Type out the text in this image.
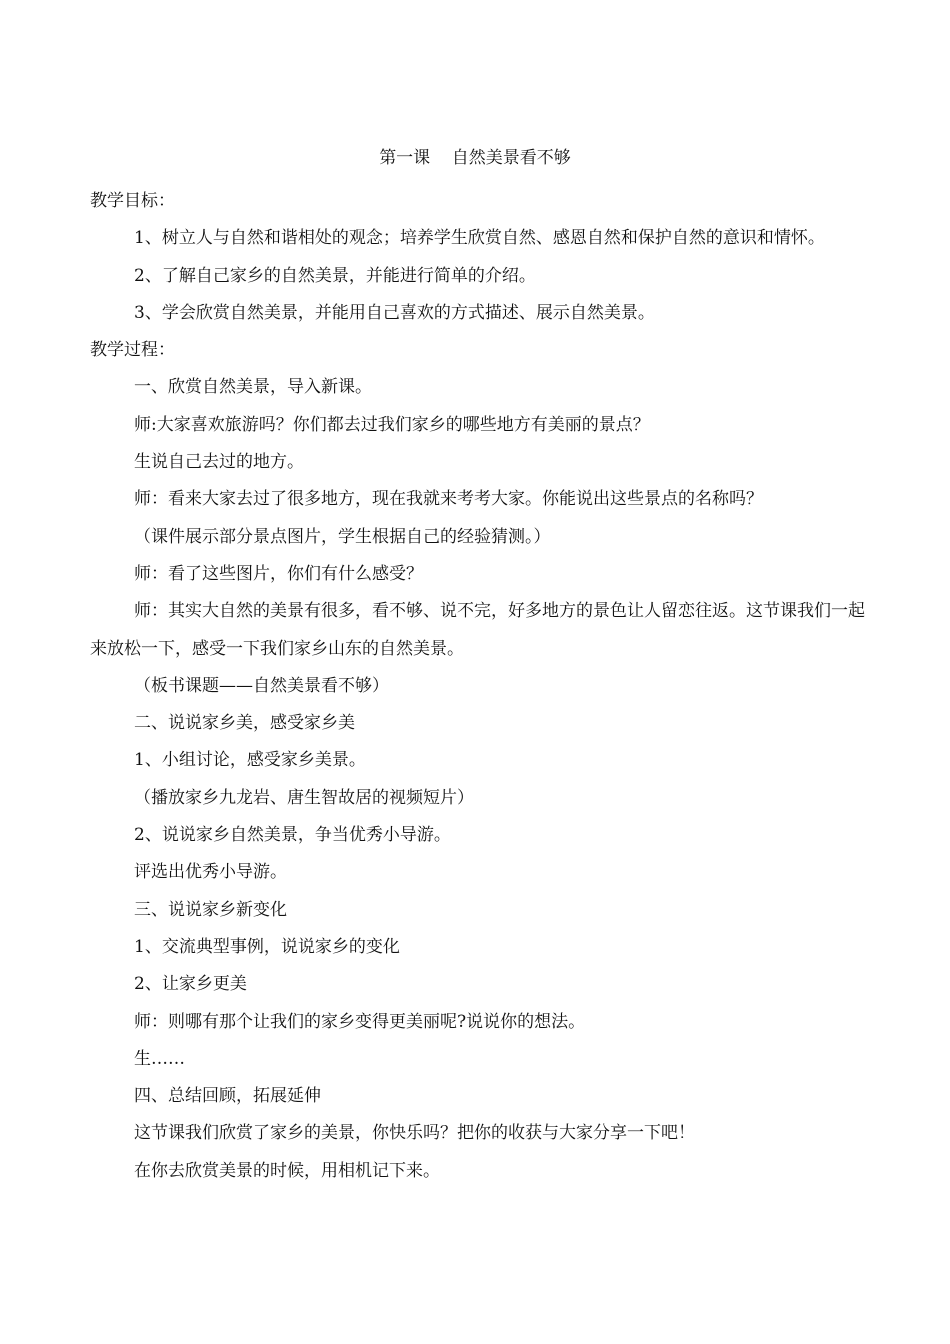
第一课    自然美景看不够

教学目标：

1、树立人与自然和谐相处的观念；培养学生欣赏自然、感恩自然和保护自然的意识和情怀。

2、了解自己家乡的自然美景，并能进行简单的介绍。

3、学会欣赏自然美景，并能用自己喜欢的方式描述、展示自然美景。

教学过程：

一、欣赏自然美景，导入新课。

师:大家喜欢旅游吗？你们都去过我们家乡的哪些地方有美丽的景点？

生说自己去过的地方。

师：看来大家去过了很多地方，现在我就来考考大家。你能说出这些景点的名称吗？

（课件展示部分景点图片，学生根据自己的经验猜测。）

师：看了这些图片，你们有什么感受？

师：其实大自然的美景有很多，看不够、说不完，好多地方的景色让人留恋往返。这节课我们一起来放松一下，感受一下我们家乡山东的自然美景。

（板书课题——自然美景看不够）

二、说说家乡美，感受家乡美

1、小组讨论，感受家乡美景。

（播放家乡九龙岩、唐生智故居的视频短片）

2、说说家乡自然美景，争当优秀小导游。

评选出优秀小导游。

三、说说家乡新变化

1、交流典型事例，说说家乡的变化

2、让家乡更美

师：则哪有那个让我们的家乡变得更美丽呢?说说你的想法。

生……

四、总结回顾，拓展延伸

这节课我们欣赏了家乡的美景，你快乐吗？把你的收获与大家分享一下吧！

在你去欣赏美景的时候，用相机记下来。
